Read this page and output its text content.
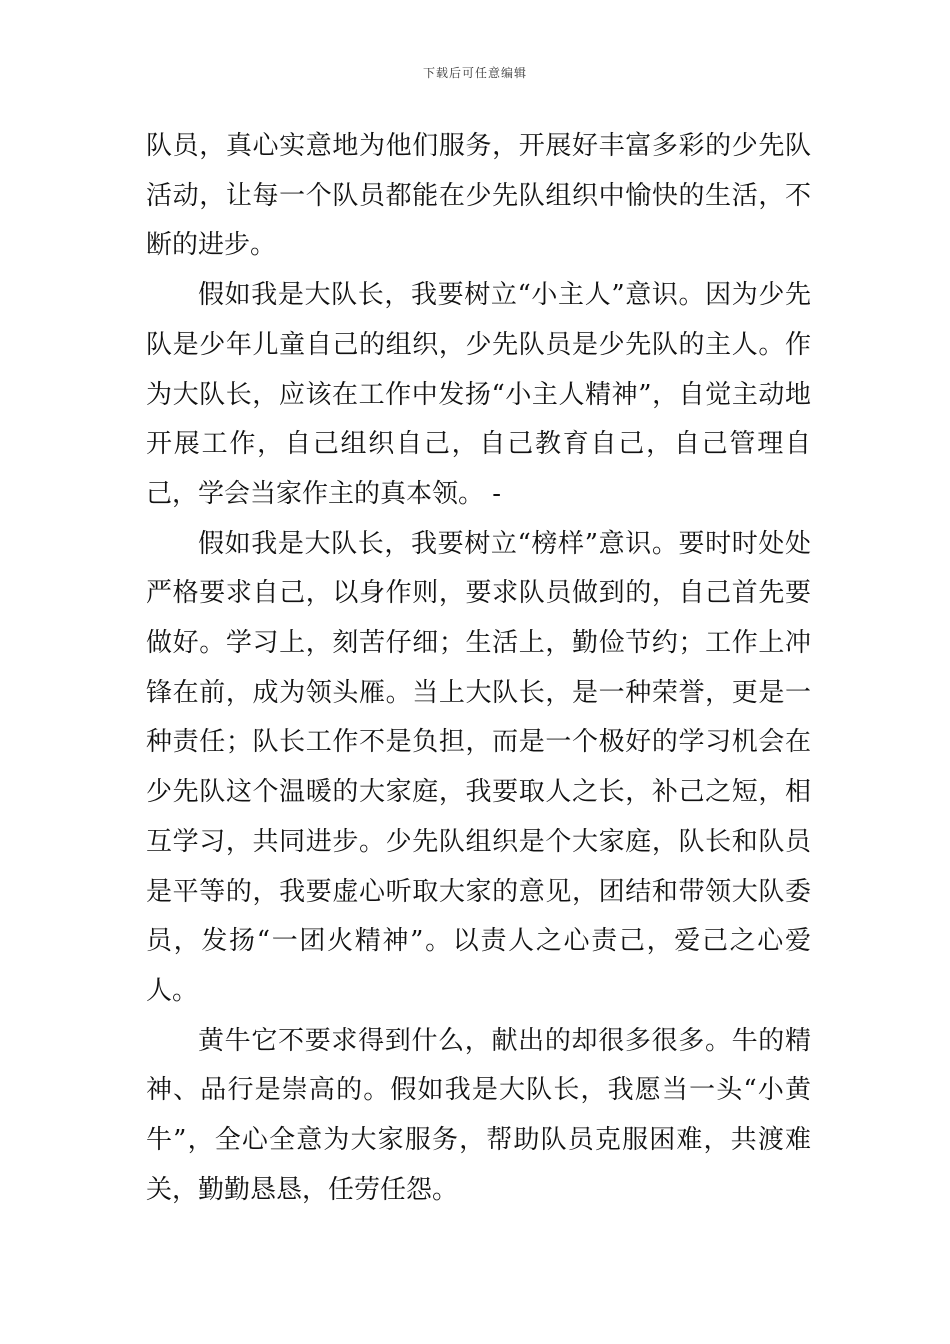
下载后可任意编辑

队员，真心实意地为他们服务，开展好丰富多彩的少先队活动，让每一个队员都能在少先队组织中愉快的生活，不断的进步。

假如我是大队长，我要树立“小主人”意识。因为少先队是少年儿童自己的组织，少先队员是少先队的主人。作为大队长，应该在工作中发扬“小主人精神”，自觉主动地开展工作，自己组织自己，自己教育自己，自己管理自己，学会当家作主的真本领。 -

假如我是大队长，我要树立“榜样”意识。要时时处处严格要求自己，以身作则，要求队员做到的，自己首先要做好。学习上，刻苦仔细；生活上，勤俭节约；工作上冲锋在前，成为领头雁。当上大队长，是一种荣誉，更是一种责任；队长工作不是负担，而是一个极好的学习机会在少先队这个温暖的大家庭，我要取人之长，补己之短，相互学习，共同进步。少先队组织是个大家庭，队长和队员是平等的，我要虚心听取大家的意见，团结和带领大队委员，发扬“一团火精神”。以责人之心责己，爱己之心爱人。

黄牛它不要求得到什么，献出的却很多很多。牛的精神、品行是崇高的。假如我是大队长，我愿当一头“小黄牛”，全心全意为大家服务，帮助队员克服困难，共渡难关，勤勤恳恳，任劳任怨。
